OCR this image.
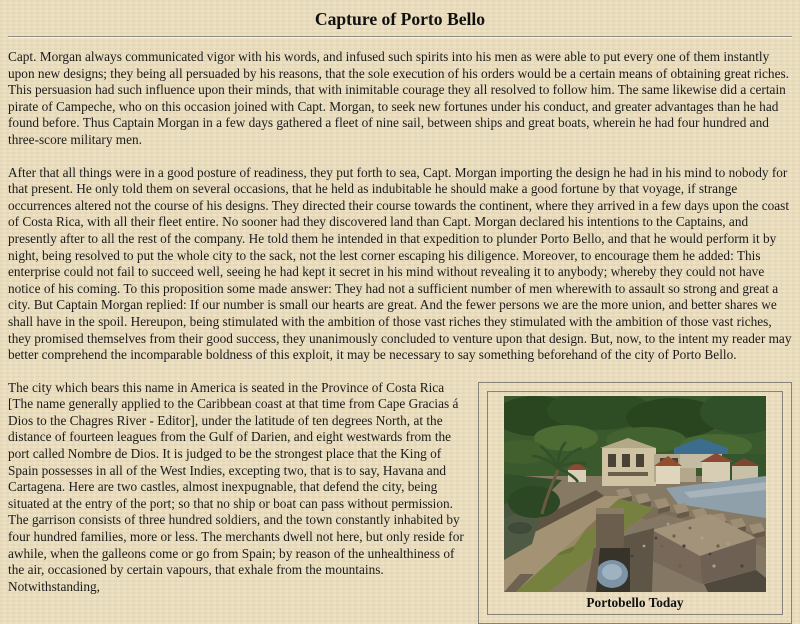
Capture of Porto Bello

Capt. Morgan always communicated vigor with his words, and infused such spirits into his men as were able to put every one of them instantly upon new designs; they being all persuaded by his reasons, that the sole execution of his orders would be a certain means of obtaining great riches. This persuasion had such influence upon their minds, that with inimitable courage they all resolved to follow him. The same likewise did a certain pirate of Campeche, who on this occasion joined with Capt. Morgan, to seek new fortunes under his conduct, and greater advantages than he had found before. Thus Captain Morgan in a few days gathered a fleet of nine sail, between ships and great boats, wherein he had four hundred and three-score military men.

After that all things were in a good posture of readiness, they put forth to sea, Capt. Morgan importing the design he had in his mind to nobody for that present. He only told them on several occasions, that he held as indubitable he should make a good fortune by that voyage, if strange occurrences altered not the course of his designs. They directed their course towards the continent, where they arrived in a few days upon the coast of Costa Rica, with all their fleet entire. No sooner had they discovered land than Capt. Morgan declared his intentions to the Captains, and presently after to all the rest of the company. He told them he intended in that expedition to plunder Porto Bello, and that he would perform it by night, being resolved to put the whole city to the sack, not the lest corner escaping his diligence. Moreover, to encourage them he added: This enterprise could not fail to succeed well, seeing he had kept it secret in his mind without revealing it to anybody; whereby they could not have notice of his coming. To this proposition some made answer: They had not a sufficient number of men wherewith to assault so strong and great a city. But Captain Morgan replied: If our number is small our hearts are great. And the fewer persons we are the more union, and better shares we shall have in the spoil. Hereupon, being stimulated with the ambition of those vast riches they stimulated with the ambition of those vast riches, they promised themselves from their good success, they unanimously concluded to venture upon that design. But, now, to the intent my reader may better comprehend the incomparable boldness of this exploit, it may be necessary to say something beforehand of the city of Porto Bello.

Portobello Today

The city which bears this name in America is seated in the Province of Costa Rica [The name generally applied to the Caribbean coast at that time from Cape Gracias á Dios to the Chagres River - Editor], under the latitude of ten degrees North, at the distance of fourteen leagues from the Gulf of Darien, and eight westwards from the port called Nombre de Dios. It is judged to be the strongest place that the King of Spain possesses in all of the West Indies, excepting two, that is to say, Havana and Cartagena. Here are two castles, almost inexpugnable, that defend the city, being situated at the entry of the port; so that no ship or boat can pass without permission. The garrison consists of three hundred soldiers, and the town constantly inhabited by four hundred families, more or less. The merchants dwell not here, but only reside for awhile, when the galleons come or go from Spain; by reason of the unhealthiness of the air, occasioned by certain vapours, that exhale from the mountains. Notwithstanding,
